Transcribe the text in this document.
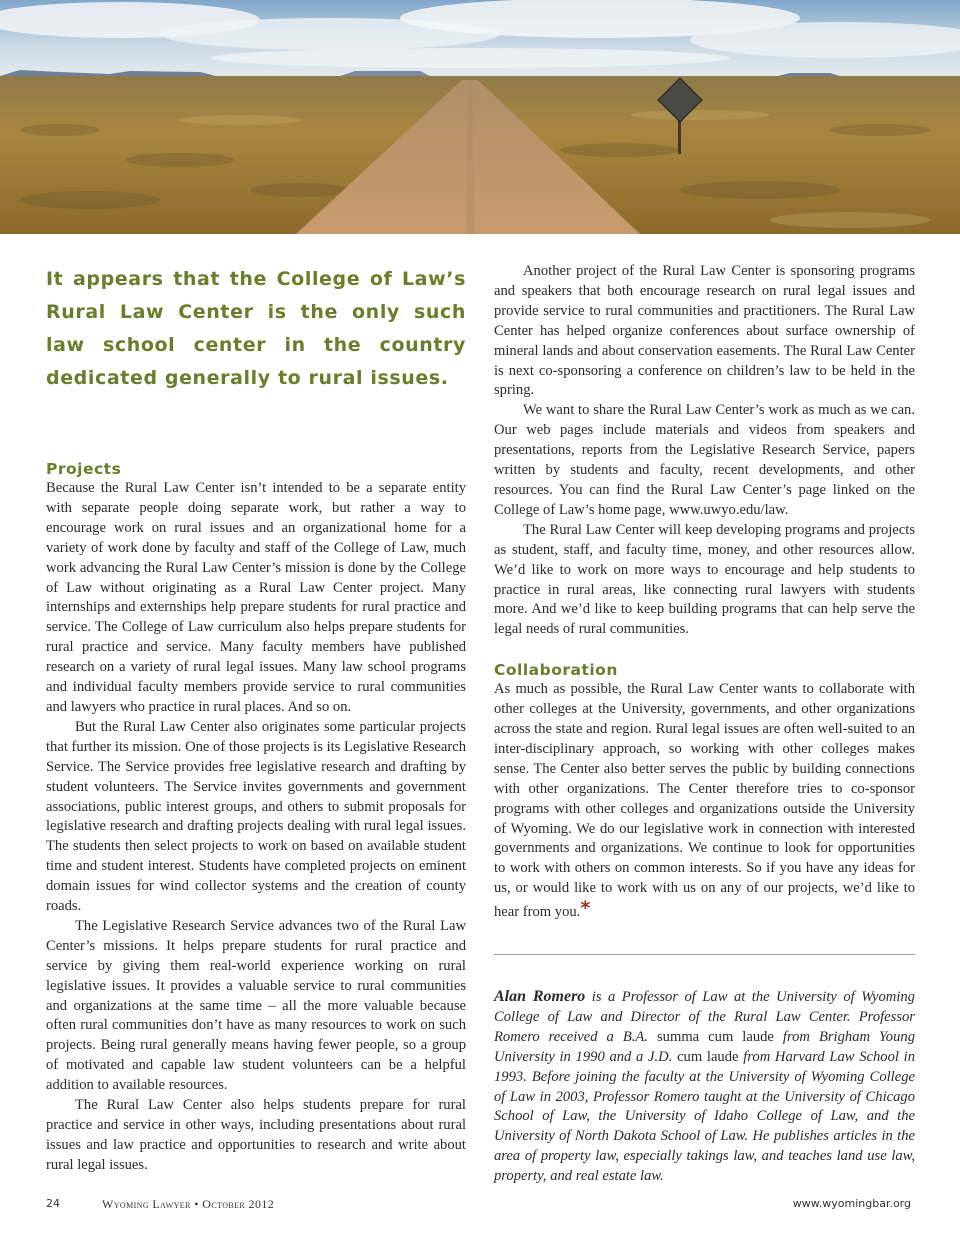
It appears that the College of Law’s Rural Law Center is the only such law school center in the country dedicated generally to rural issues.
Projects

Because the Rural Law Center isn’t intended to be a separate entity with separate people doing separate work, but rather a way to encourage work on rural issues and an organizational home for a variety of work done by faculty and staff of the College of Law, much work advancing the Rural Law Center’s mission is done by the College of Law without originating as a Rural Law Center project. Many internships and externships help prepare students for rural practice and service. The College of Law curriculum also helps prepare students for rural practice and service. Many faculty members have published research on a variety of rural legal issues. Many law school programs and individual faculty members provide service to rural communities and lawyers who practice in rural places. And so on.

But the Rural Law Center also originates some particular projects that further its mission. One of those projects is its Legislative Research Service. The Service provides free legislative research and drafting by student volunteers. The Service invites governments and government associations, public interest groups, and others to submit proposals for legislative research and drafting projects dealing with rural legal issues. The students then select projects to work on based on available student time and student interest. Students have completed projects on eminent domain issues for wind collector systems and the creation of county roads.

The Legislative Research Service advances two of the Rural Law Center’s missions. It helps prepare students for rural practice and service by giving them real-world experience working on rural legislative issues. It provides a valuable service to rural communities and organizations at the same time – all the more valuable because often rural communities don’t have as many resources to work on such projects. Being rural generally means having fewer people, so a group of motivated and capable law student volunteers can be a helpful addition to available resources.

The Rural Law Center also helps students prepare for rural practice and service in other ways, including presentations about rural issues and law practice and opportunities to research and write about rural legal issues.

Another project of the Rural Law Center is sponsoring programs and speakers that both encourage research on rural legal issues and provide service to rural communities and practitioners. The Rural Law Center has helped organize conferences about surface ownership of mineral lands and about conservation easements. The Rural Law Center is next co-sponsoring a conference on children’s law to be held in the spring.

We want to share the Rural Law Center’s work as much as we can. Our web pages include materials and videos from speakers and presentations, reports from the Legislative Research Service, papers written by students and faculty, recent developments, and other resources. You can find the Rural Law Center’s page linked on the College of Law’s home page, www.uwyo.edu/law.

The Rural Law Center will keep developing programs and projects as student, staff, and faculty time, money, and other resources allow. We’d like to work on more ways to encourage and help students to practice in rural areas, like connecting rural lawyers with students more. And we’d like to keep building programs that can help serve the legal needs of rural communities.

Collaboration

As much as possible, the Rural Law Center wants to collaborate with other colleges at the University, governments, and other organizations across the state and region. Rural legal issues are often well-suited to an inter-disciplinary approach, so working with other colleges makes sense. The Center also better serves the public by building connections with other organizations. The Center therefore tries to co-sponsor programs with other colleges and organizations outside the University of Wyoming. We do our legislative work in connection with interested governments and organizations. We continue to look for opportunities to work with others on common interests. So if you have any ideas for us, or would like to work with us on any of our projects, we’d like to hear from you.*

Alan Romero is a Professor of Law at the University of Wyoming College of Law and Director of the Rural Law Center. Professor Romero received a B.A. summa cum laude from Brigham Young University in 1990 and a J.D. cum laude from Harvard Law School in 1993. Before joining the faculty at the University of Wyoming College of Law in 2003, Professor Romero taught at the University of Chicago School of Law, the University of Idaho College of Law, and the University of North Dakota School of Law. He publishes articles in the area of property law, especially takings law, and teaches land use law, property, and real estate law.
24	Wyoming Lawyer • October 2012	www.wyomingbar.org
